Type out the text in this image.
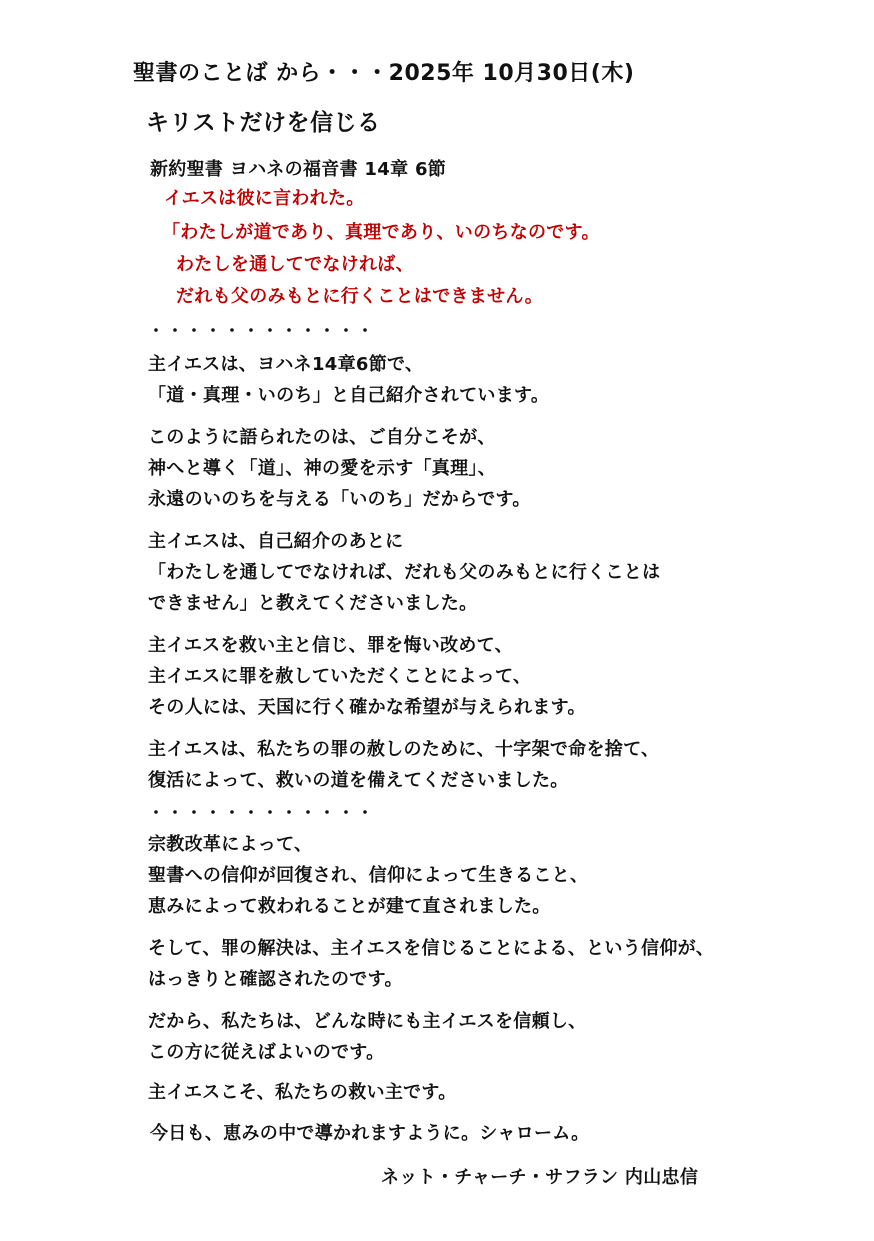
聖書のことば から・・・2025年 10月30日(木)
キリストだけを信じる
新約聖書 ヨハネの福音書 14章 6節
イエスは彼に言われた。
「わたしが道であり、真理であり、いのちなのです。
わたしを通してでなければ、
だれも父のみもとに行くことはできません。
・・・・・・・・・・・・
主イエスは、ヨハネ14章6節で、
「道・真理・いのち」と自己紹介されています。
このように語られたのは、ご自分こそが、
神へと導く「道」、神の愛を示す「真理」、
永遠のいのちを与える「いのち」だからです。
主イエスは、自己紹介のあとに
「わたしを通してでなければ、だれも父のみもとに行くことは
できません」と教えてくださいました。
主イエスを救い主と信じ、罪を悔い改めて、
主イエスに罪を赦していただくことによって、
その人には、天国に行く確かな希望が与えられます。
主イエスは、私たちの罪の赦しのために、十字架で命を捨て、
復活によって、救いの道を備えてくださいました。
・・・・・・・・・・・・
宗教改革によって、
聖書への信仰が回復され、信仰によって生きること、
恵みによって救われることが建て直されました。
そして、罪の解決は、主イエスを信じることによる、という信仰が、
はっきりと確認されたのです。
だから、私たちは、どんな時にも主イエスを信頼し、
この方に従えばよいのです。
主イエスこそ、私たちの救い主です。
今日も、恵みの中で導かれますように。シャローム。
ネット・チャーチ・サフラン 内山忠信
